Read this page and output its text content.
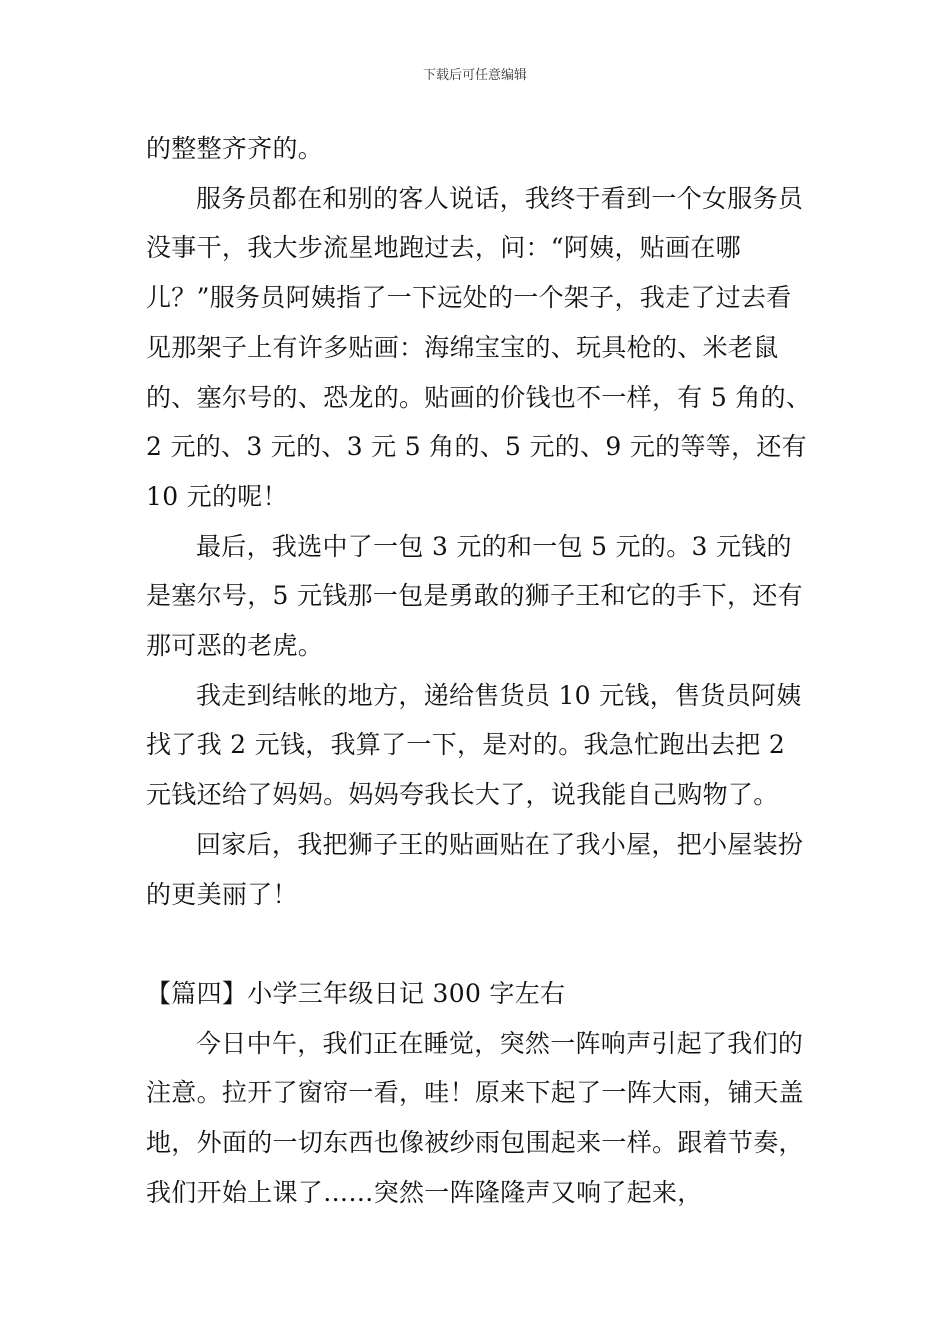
下载后可任意编辑

的整整齐齐的。

服务员都在和别的客人说话，我终于看到一个女服务员没事干，我大步流星地跑过去，问：“阿姨，贴画在哪儿？”服务员阿姨指了一下远处的一个架子，我走了过去看见那架子上有许多贴画：海绵宝宝的、玩具枪的、米老鼠的、塞尔号的、恐龙的。贴画的价钱也不一样，有 5 角的、2 元的、3 元的、3 元 5 角的、5 元的、9 元的等等，还有 10 元的呢！

最后，我选中了一包 3 元的和一包 5 元的。3 元钱的是塞尔号，5 元钱那一包是勇敢的狮子王和它的手下，还有那可恶的老虎。

我走到结帐的地方，递给售货员 10 元钱，售货员阿姨找了我 2 元钱，我算了一下，是对的。我急忙跑出去把 2 元钱还给了妈妈。妈妈夸我长大了，说我能自己购物了。

回家后，我把狮子王的贴画贴在了我小屋，把小屋装扮的更美丽了！

【篇四】小学三年级日记 300 字左右

今日中午，我们正在睡觉，突然一阵响声引起了我们的注意。拉开了窗帘一看，哇！原来下起了一阵大雨，铺天盖地，外面的一切东西也像被纱雨包围起来一样。跟着节奏，我们开始上课了……突然一阵隆隆声又响了起来，
